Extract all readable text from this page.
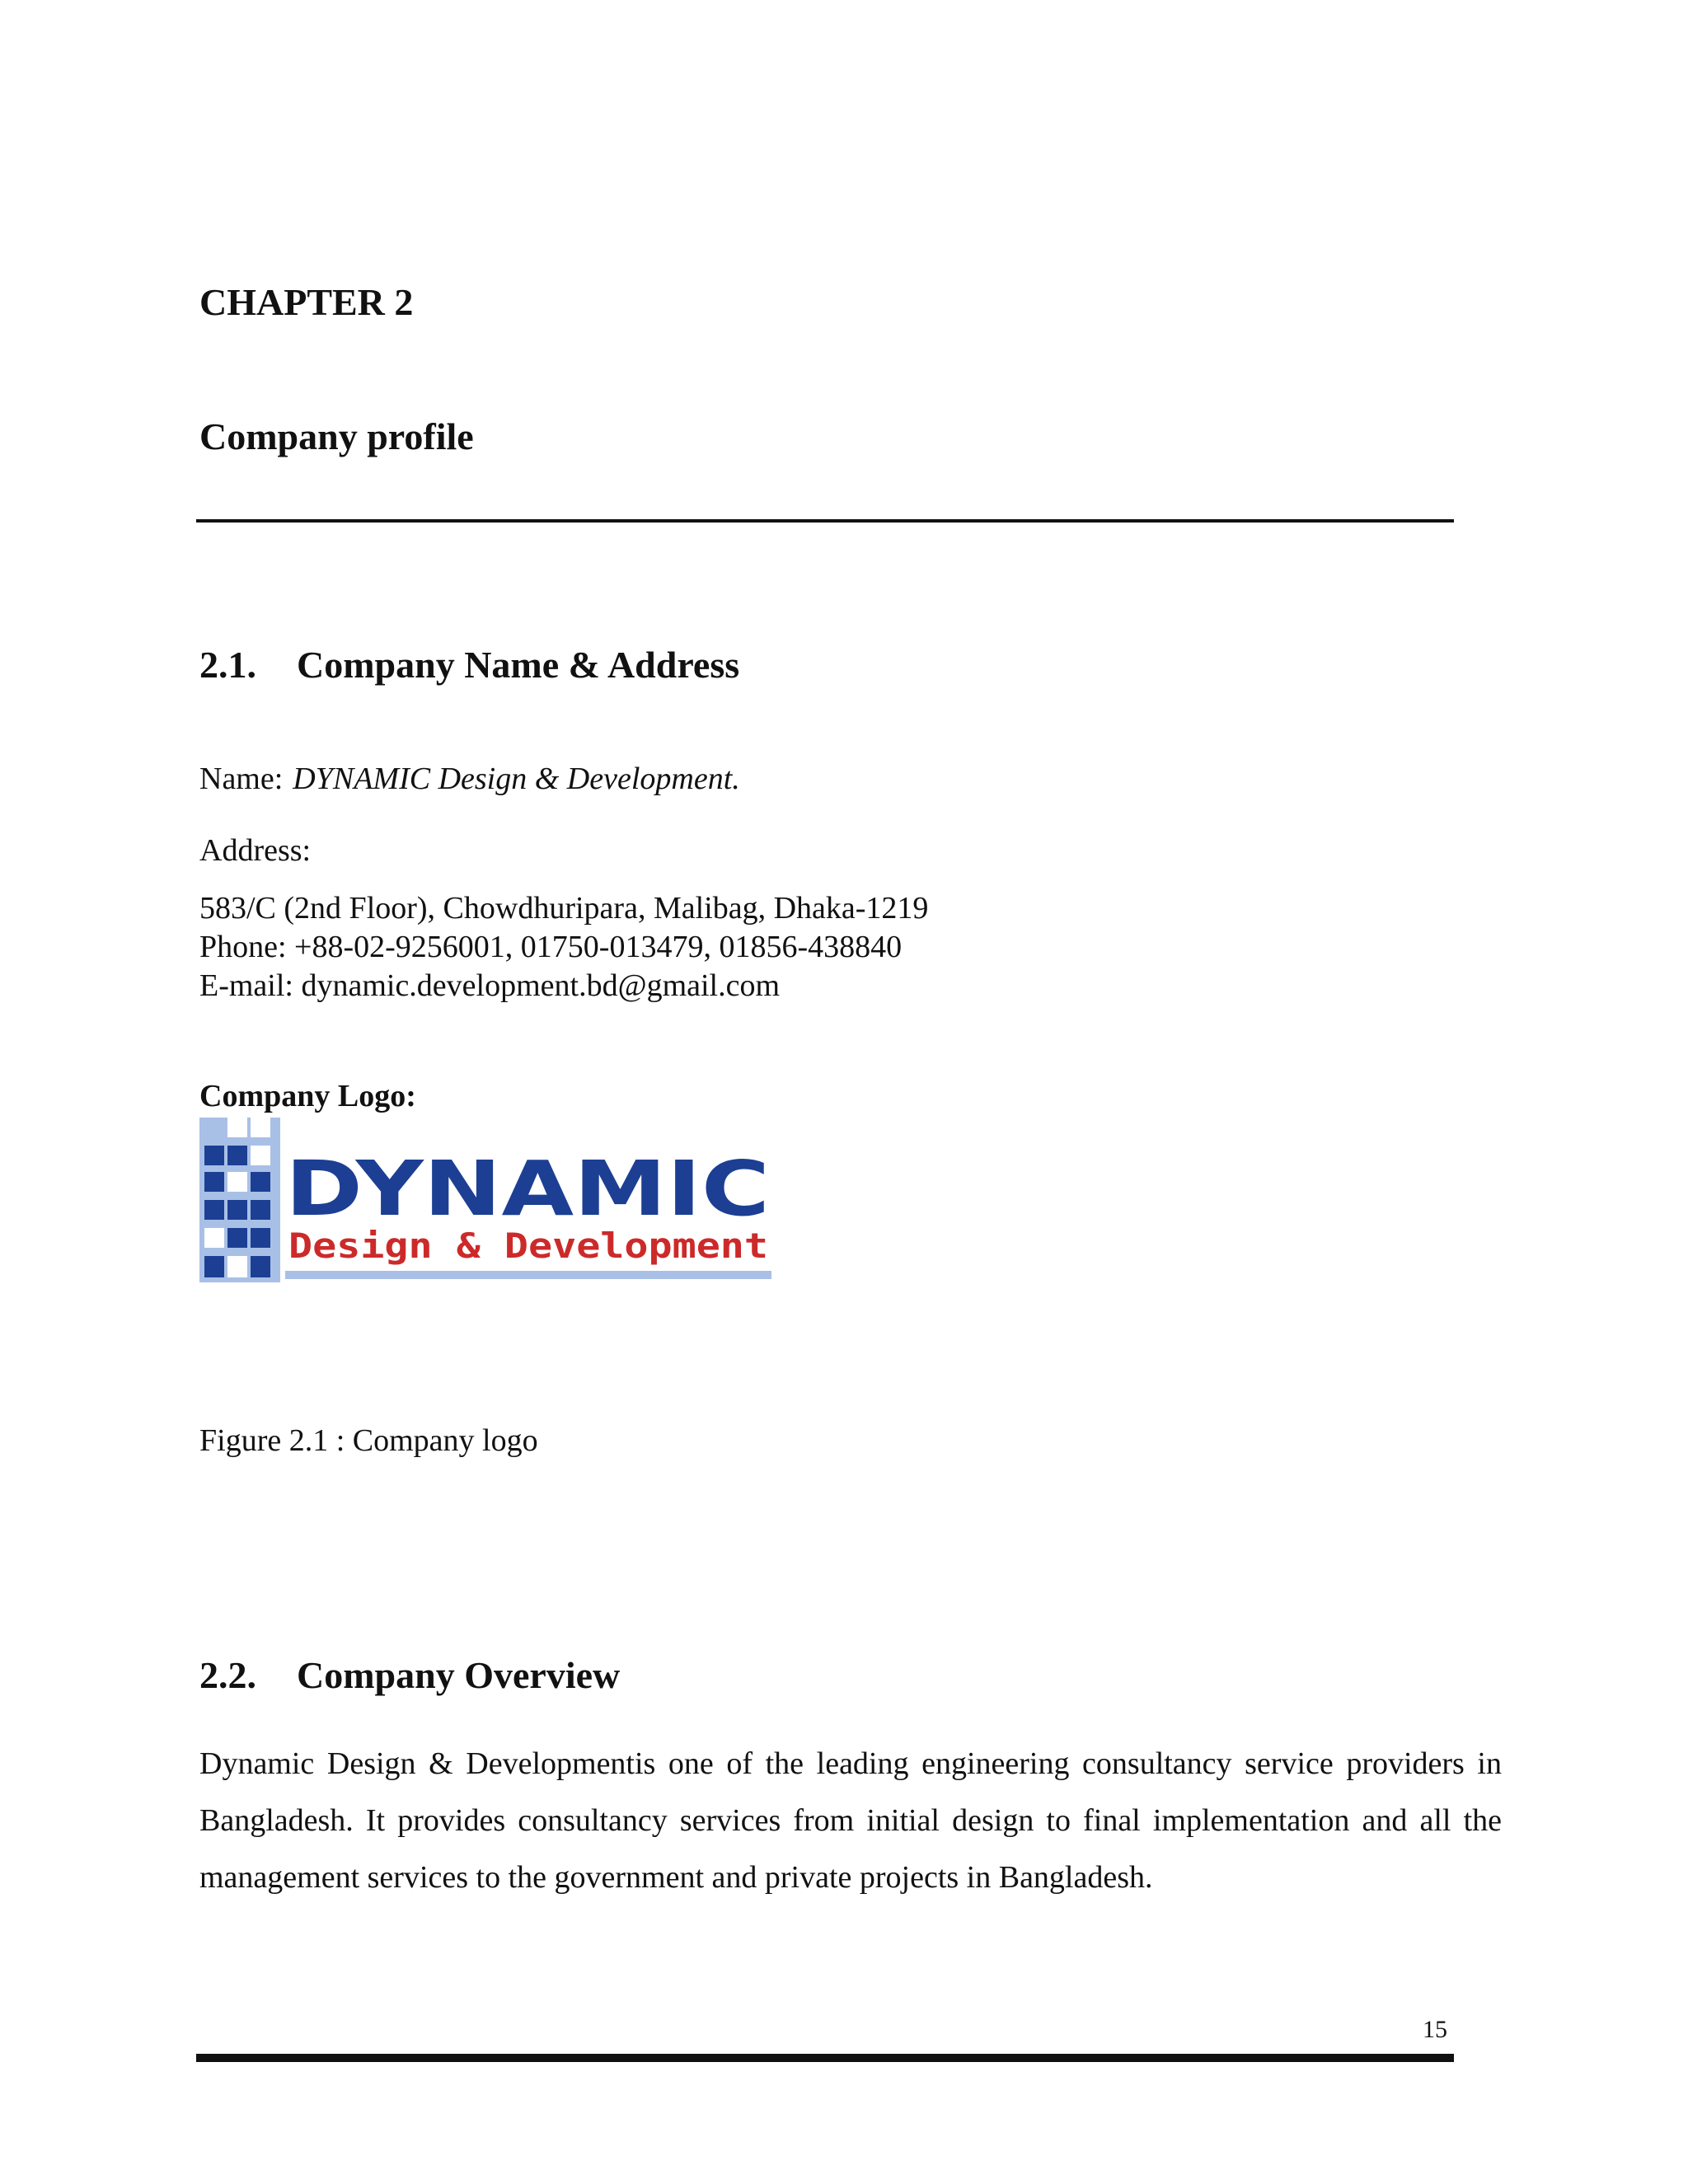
CHAPTER 2
Company profile
2.1. Company Name & Address
Name: DYNAMIC Design & Development.
Address:
583/C (2nd Floor), Chowdhuripara, Malibag, Dhaka-1219
Phone: +88-02-9256001, 01750-013479, 01856-438840
E-mail: dynamic.development.bd@gmail.com
Company Logo:
DYNAMIC
Design & Development
Figure 2.1 : Company logo
2.2. Company Overview
Dynamic Design & Developmentis one of the leading engineering consultancy service providers in Bangladesh. It provides consultancy services from initial design to final implementation and all the management services to the government and private projects in Bangladesh.
15
